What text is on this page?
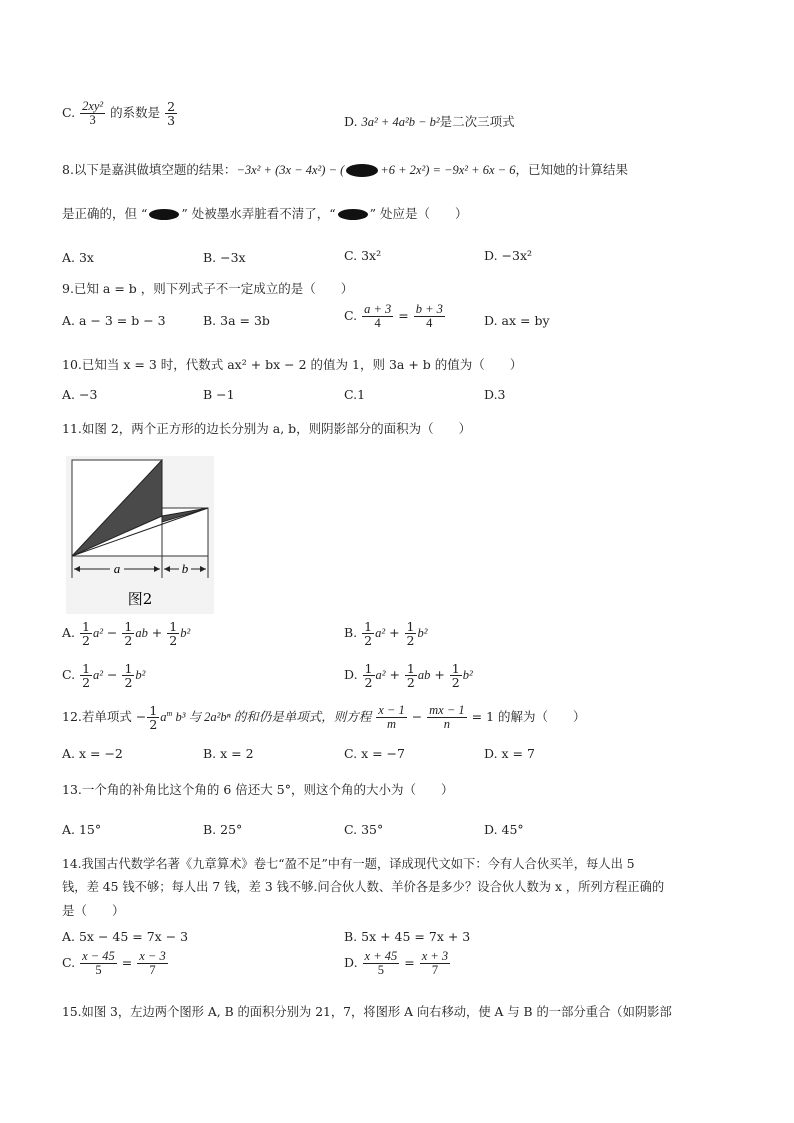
C. $\frac{\text{2xy²}}{3}$ 的系数是 $\frac{2}{3}$	D. 3a² + 4a²b − b²是二次三项式
8.以下是嘉淇做填空题的结果：−3x² + (3x − 4x²) − (	+6 + 2x²) = −9x² + 6x − 6，已知她的计算结果
是正确的，但 “	” 处被墨水弄脏看不清了，“	” 处应是（　　）
A. 3x	B. −3x	C. 3x²	D. −3x²
9.已知 a = b ，则下列式子不一定成立的是（　　）
A. a − 3 = b − 3	B. 3a = 3b	C. $\frac{a + 3}{4} = \frac{b + 3}{4}$	D. ax = by
10.已知当 x = 3 时，代数式 ax² + bx − 2 的值为 1，则 3a + b 的值为（　　）
A. −3	B −1	C.1	D.3
11.如图 2，两个正方形的边长分别为 a, b，则阴影部分的面积为（　　）
a	b
图2
A. $\frac{1}{2} a^2 - \frac{1}{2}$ ab + $\frac{1}{2} b^2$	B. $\frac{1}{2} a^2 + \frac{1}{2} b^2$
C. $\frac{1}{2} a^2 - \frac{1}{2} b^2$	D. $\frac{1}{2} a^2 + \frac{1}{2}$ ab + $\frac{1}{2} b^2$
12.若单项式 − $\frac{1}{2} a^m$ b³ 与 2a²bⁿ 的和仍是单项式，则方程 $\frac{x - 1}{m} - \frac{mx - 1}{n} = 1$ 的解为（　　）
A. x = −2	B. x = 2	C. x = −7	D. x = 7
13.一个角的补角比这个角的 6 倍还大 5°，则这个角的大小为（　　）
A. 15°	B. 25°	C. 35°	D. 45°
14.我国古代数学名著《九章算术》卷七“盈不足”中有一题，译成现代文如下：今有人合伙买羊，每人出 5
钱，差 45 钱不够；每人出 7 钱，差 3 钱不够.问合伙人数、羊价各是多少？设合伙人数为 x ，所列方程正确的
是（　　）
A. 5x − 45 = 7x − 3	B. 5x + 45 = 7x + 3
C. $\frac{x - 45}{5} = \frac{x - 3}{7}$	D. $\frac{x + 45}{5} = \frac{x + 3}{7}$
15.如图 3，左边两个图形 A, B 的面积分别为 21，7，将图形 A 向右移动，使 A 与 B 的一部分重合（如阴影部
